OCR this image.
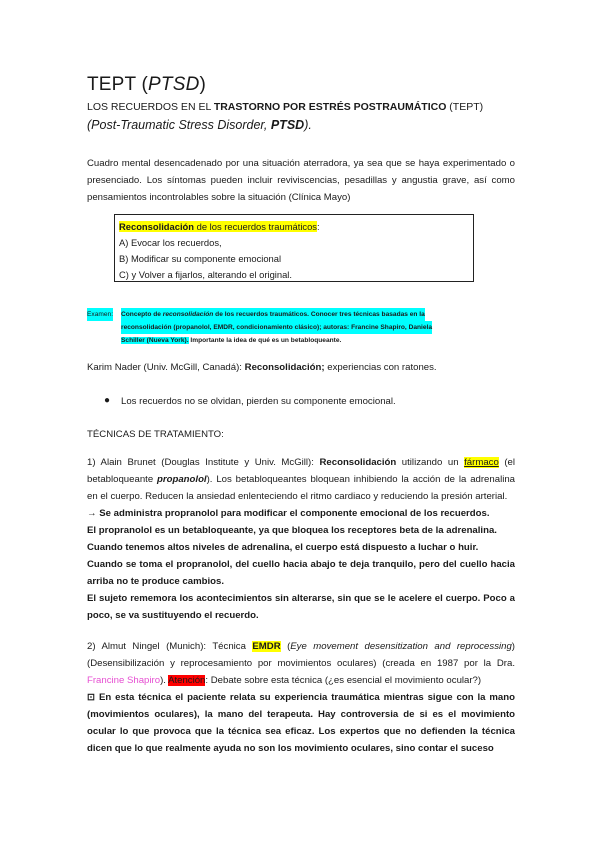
TEPT (PTSD)
LOS RECUERDOS EN EL TRASTORNO POR ESTRÉS POSTRAUMÁTICO (TEPT)
(Post-Traumatic Stress Disorder, PTSD).
Cuadro mental desencadenado por una situación aterradora, ya sea que se haya experimentado o presenciado. Los síntomas pueden incluir reviviscencias, pesadillas y angustia grave, así como pensamientos incontrolables sobre la situación (Clínica Mayo)
Reconsolidación de los recuerdos traumáticos:
A) Evocar los recuerdos,
B) Modificar su componente emocional
C) y Volver a fijarlos, alterando el original.
Examen: Concepto de reconsolidación de los recuerdos traumáticos. Conocer tres técnicas basadas en la
reconsolidación (propanolol, EMDR, condicionamiento clásico); autoras: Francine Shapiro, Daniela
Schiller (Nueva York). Importante la idea de qué es un betabloqueante.
Karim Nader (Univ. McGill, Canadá): Reconsolidación; experiencias con ratones.
● Los recuerdos no se olvidan, pierden su componente emocional.
TÉCNICAS DE TRATAMIENTO:
1) Alain Brunet (Douglas Institute y Univ. McGill): Reconsolidación utilizando un fármaco (el betabloqueante propanolol). Los betabloqueantes bloquean inhibiendo la acción de la adrenalina en el cuerpo. Reducen la ansiedad enlenteciendo el ritmo cardiaco y reduciendo la presión arterial.
→ Se administra propranolol para modificar el componente emocional de los recuerdos.
El propranolol es un betabloqueante, ya que bloquea los receptores beta de la adrenalina.
Cuando tenemos altos niveles de adrenalina, el cuerpo está dispuesto a luchar o huir.
Cuando se toma el propranolol, del cuello hacia abajo te deja tranquilo, pero del cuello hacia arriba no te produce cambios.
El sujeto rememora los acontecimientos sin alterarse, sin que se le acelere el cuerpo. Poco a poco, se va sustituyendo el recuerdo.
2) Almut Ningel (Munich): Técnica EMDR (Eye movement desensitization and reprocessing) (Desensibilización y reprocesamiento por movimientos oculares) (creada en 1987 por la Dra. Francine Shapiro). Atención: Debate sobre esta técnica (¿es esencial el movimiento ocular?)
⊡ En esta técnica el paciente relata su experiencia traumática mientras sigue con la mano (movimientos oculares), la mano del terapeuta. Hay controversia de si es el movimiento ocular lo que provoca que la técnica sea eficaz. Los expertos que no defienden la técnica dicen que lo que realmente ayuda no son los movimiento oculares, sino contar el suceso
